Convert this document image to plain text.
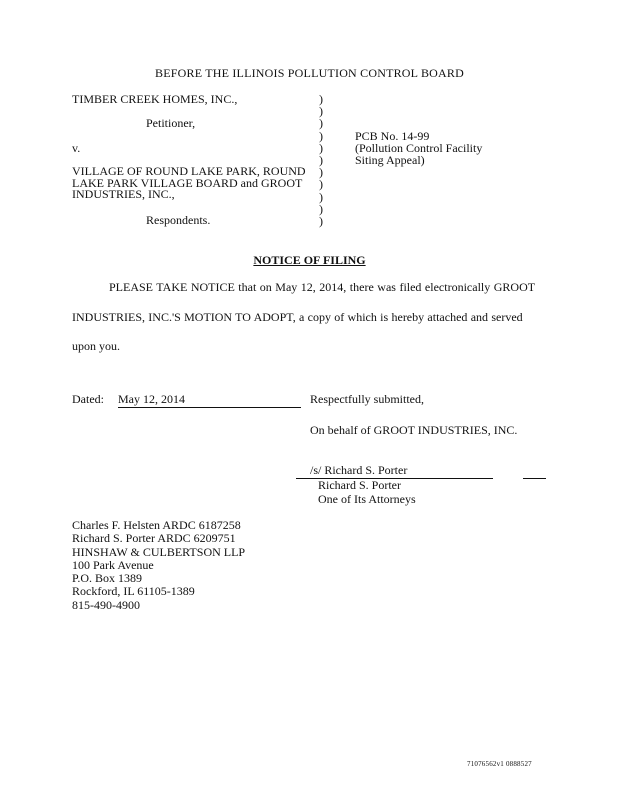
BEFORE THE ILLINOIS POLLUTION CONTROL BOARD
TIMBER CREEK HOMES, INC.,
Petitioner,
v.
VILLAGE OF ROUND LAKE PARK, ROUND
LAKE PARK VILLAGE BOARD and GROOT
INDUSTRIES, INC.,
Respondents.
)
)
)
)
)
)
)
)
)
)
)
PCB No. 14-99
(Pollution Control Facility
Siting Appeal)
NOTICE OF FILING
PLEASE TAKE NOTICE that on May 12, 2014, there was filed electronically GROOT
INDUSTRIES, INC.'S MOTION TO ADOPT, a copy of which is hereby attached and served
upon you.
Dated: May 12, 2014	Respectfully submitted,
On behalf of GROOT INDUSTRIES, INC.
/s/ Richard S. Porter
Richard S. Porter
One of Its Attorneys
Charles F. Helsten ARDC 6187258
Richard S. Porter ARDC 6209751
HINSHAW & CULBERTSON LLP
100 Park Avenue
P.O. Box 1389
Rockford, IL 61105-1389
815-490-4900
71076562v1 0888527
